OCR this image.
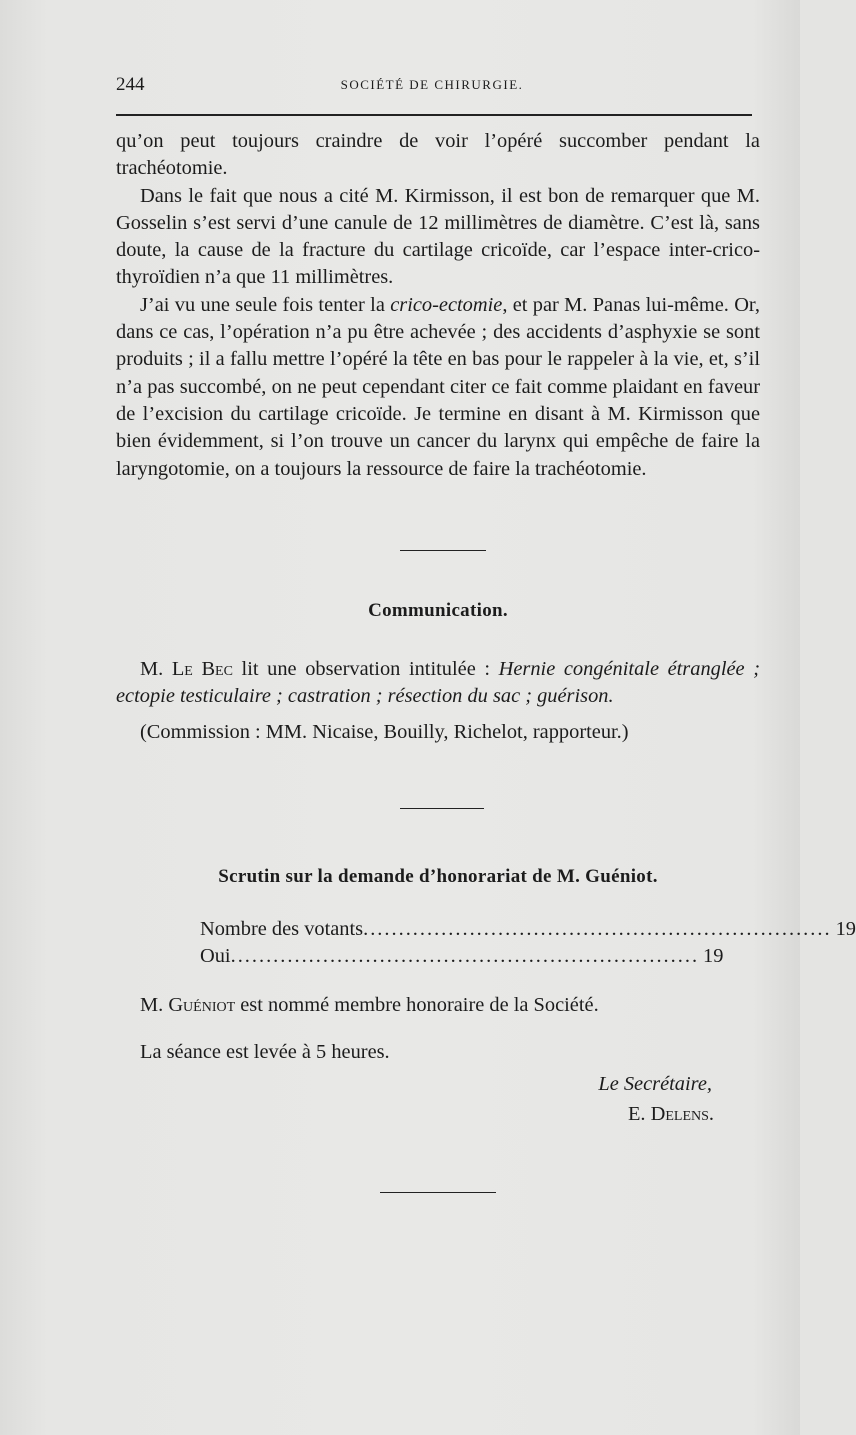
244	SOCIÉTÉ DE CHIRURGIE.

qu’on peut toujours craindre de voir l’opéré succomber pendant la trachéotomie.

Dans le fait que nous a cité M. Kirmisson, il est bon de remarquer que M. Gosselin s’est servi d’une canule de 12 millimètres de diamètre. C’est là, sans doute, la cause de la fracture du cartilage cricoïde, car l’espace inter-crico-thyroïdien n’a que 11 millimètres.

J’ai vu une seule fois tenter la crico-ectomie, et par M. Panas lui-même. Or, dans ce cas, l’opération n’a pu être achevée ; des accidents d’asphyxie se sont produits ; il a fallu mettre l’opéré la tête en bas pour le rappeler à la vie, et, s’il n’a pas succombé, on ne peut cependant citer ce fait comme plaidant en faveur de l’excision du cartilage cricoïde. Je termine en disant à M. Kirmisson que bien évidemment, si l’on trouve un cancer du larynx qui empêche de faire la laryngotomie, on a toujours la ressource de faire la trachéotomie.

Communication.

M. Le Bec lit une observation intitulée : Hernie congénitale étranglée ; ectopie testiculaire ; castration ; résection du sac ; guérison.

(Commission : MM. Nicaise, Bouilly, Richelot, rapporteur.)

Scrutin sur la demande d’honorariat de M. Guéniot.
Nombre des votants .................................................................. 19
Oui .................................................................. 19

M. Guéniot est nommé membre honoraire de la Société.

La séance est levée à 5 heures.

Le Secrétaire,
E. Delens.
